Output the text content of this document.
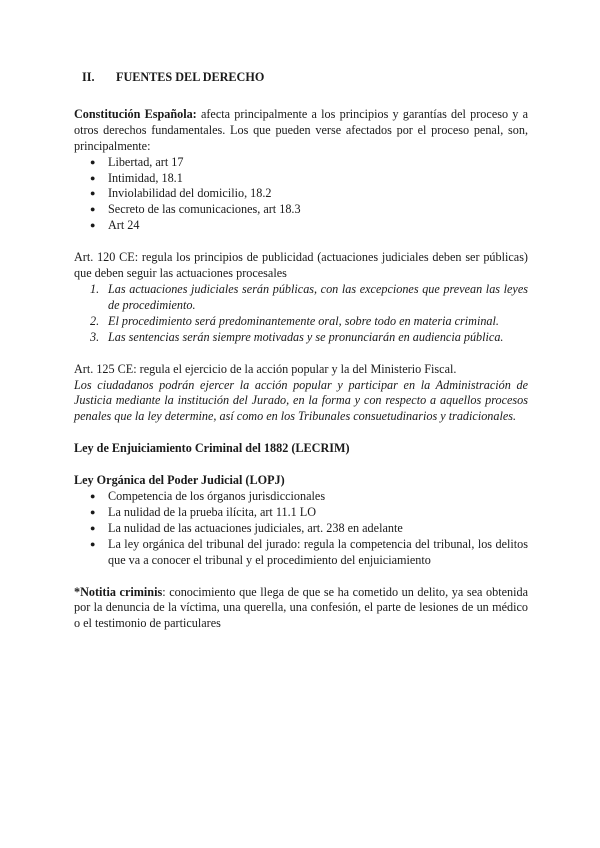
II. FUENTES DEL DERECHO

Constitución Española: afecta principalmente a los principios y garantías del proceso y a otros derechos fundamentales. Los que pueden verse afectados por el proceso penal, son, principalmente:

● Libertad, art 17
● Intimidad, 18.1
● Inviolabilidad del domicilio, 18.2
● Secreto de las comunicaciones, art 18.3
● Art 24

Art. 120 CE: regula los principios de publicidad (actuaciones judiciales deben ser públicas) que deben seguir las actuaciones procesales

1. Las actuaciones judiciales serán públicas, con las excepciones que prevean las leyes de procedimiento.
2. El procedimiento será predominantemente oral, sobre todo en materia criminal.
3. Las sentencias serán siempre motivadas y se pronunciarán en audiencia pública.

Art. 125 CE: regula el ejercicio de la acción popular y la del Ministerio Fiscal.

Los ciudadanos podrán ejercer la acción popular y participar en la Administración de Justicia mediante la institución del Jurado, en la forma y con respecto a aquellos procesos penales que la ley determine, así como en los Tribunales consuetudinarios y tradicionales.

Ley de Enjuiciamiento Criminal del 1882 (LECRIM)

Ley Orgánica del Poder Judicial (LOPJ)

● Competencia de los órganos jurisdiccionales
● La nulidad de la prueba ilícita, art 11.1 LO
● La nulidad de las actuaciones judiciales, art. 238 en adelante
● La ley orgánica del tribunal del jurado: regula la competencia del tribunal, los delitos que va a conocer el tribunal y el procedimiento del enjuiciamiento

*Notitia criminis: conocimiento que llega de que se ha cometido un delito, ya sea obtenida por la denuncia de la víctima, una querella, una confesión, el parte de lesiones de un médico o el testimonio de particulares
